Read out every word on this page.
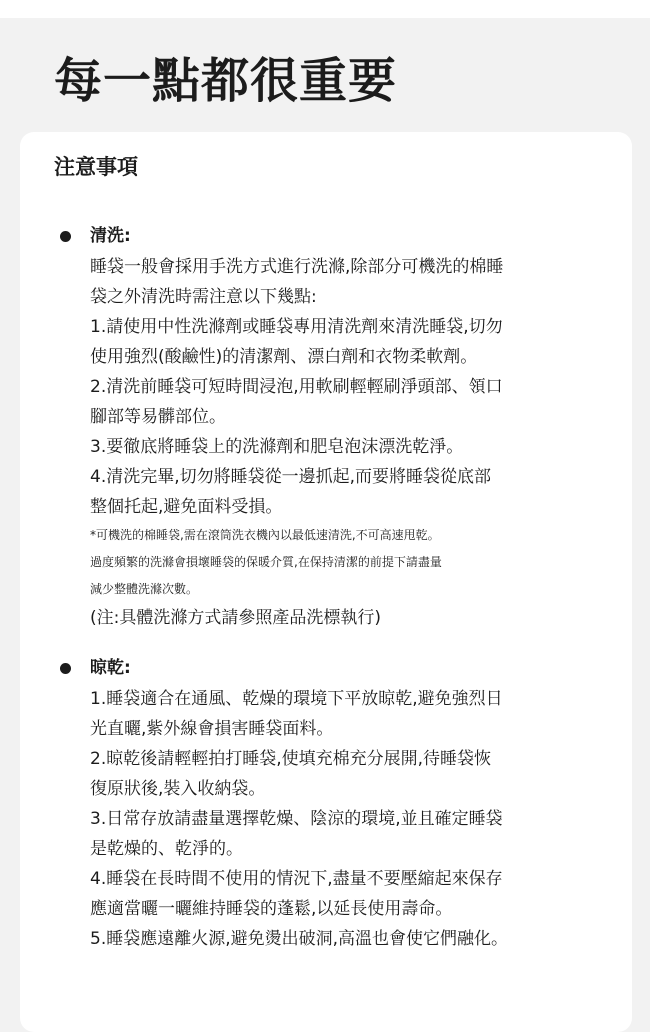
每一點都很重要
注意事項
清洗:
睡袋一般會採用手洗方式進行洗滌,除部分可機洗的棉睡
袋之外清洗時需注意以下幾點:
1.請使用中性洗滌劑或睡袋專用清洗劑來清洗睡袋,切勿
使用強烈(酸鹼性)的清潔劑、漂白劑和衣物柔軟劑。
2.清洗前睡袋可短時間浸泡,用軟刷輕輕刷淨頭部、領口
腳部等易髒部位。
3.要徹底將睡袋上的洗滌劑和肥皂泡沫漂洗乾淨。
4.清洗完畢,切勿將睡袋從一邊抓起,而要將睡袋從底部
整個托起,避免面料受損。
*可機洗的棉睡袋,需在滾筒洗衣機內以最低速清洗,不可高速甩乾。
過度頻繁的洗滌會損壞睡袋的保暖介質,在保持清潔的前提下請盡量
減少整體洗滌次數。
(注:具體洗滌方式請參照產品洗標執行)
晾乾:
1.睡袋適合在通風、乾燥的環境下平放晾乾,避免強烈日
光直曬,紫外線會損害睡袋面料。
2.晾乾後請輕輕拍打睡袋,使填充棉充分展開,待睡袋恢
復原狀後,裝入收納袋。
3.日常存放請盡量選擇乾燥、陰涼的環境,並且確定睡袋
是乾燥的、乾淨的。
4.睡袋在長時間不使用的情況下,盡量不要壓縮起來保存
應適當曬一曬維持睡袋的蓬鬆,以延長使用壽命。
5.睡袋應遠離火源,避免燙出破洞,高溫也會使它們融化。
